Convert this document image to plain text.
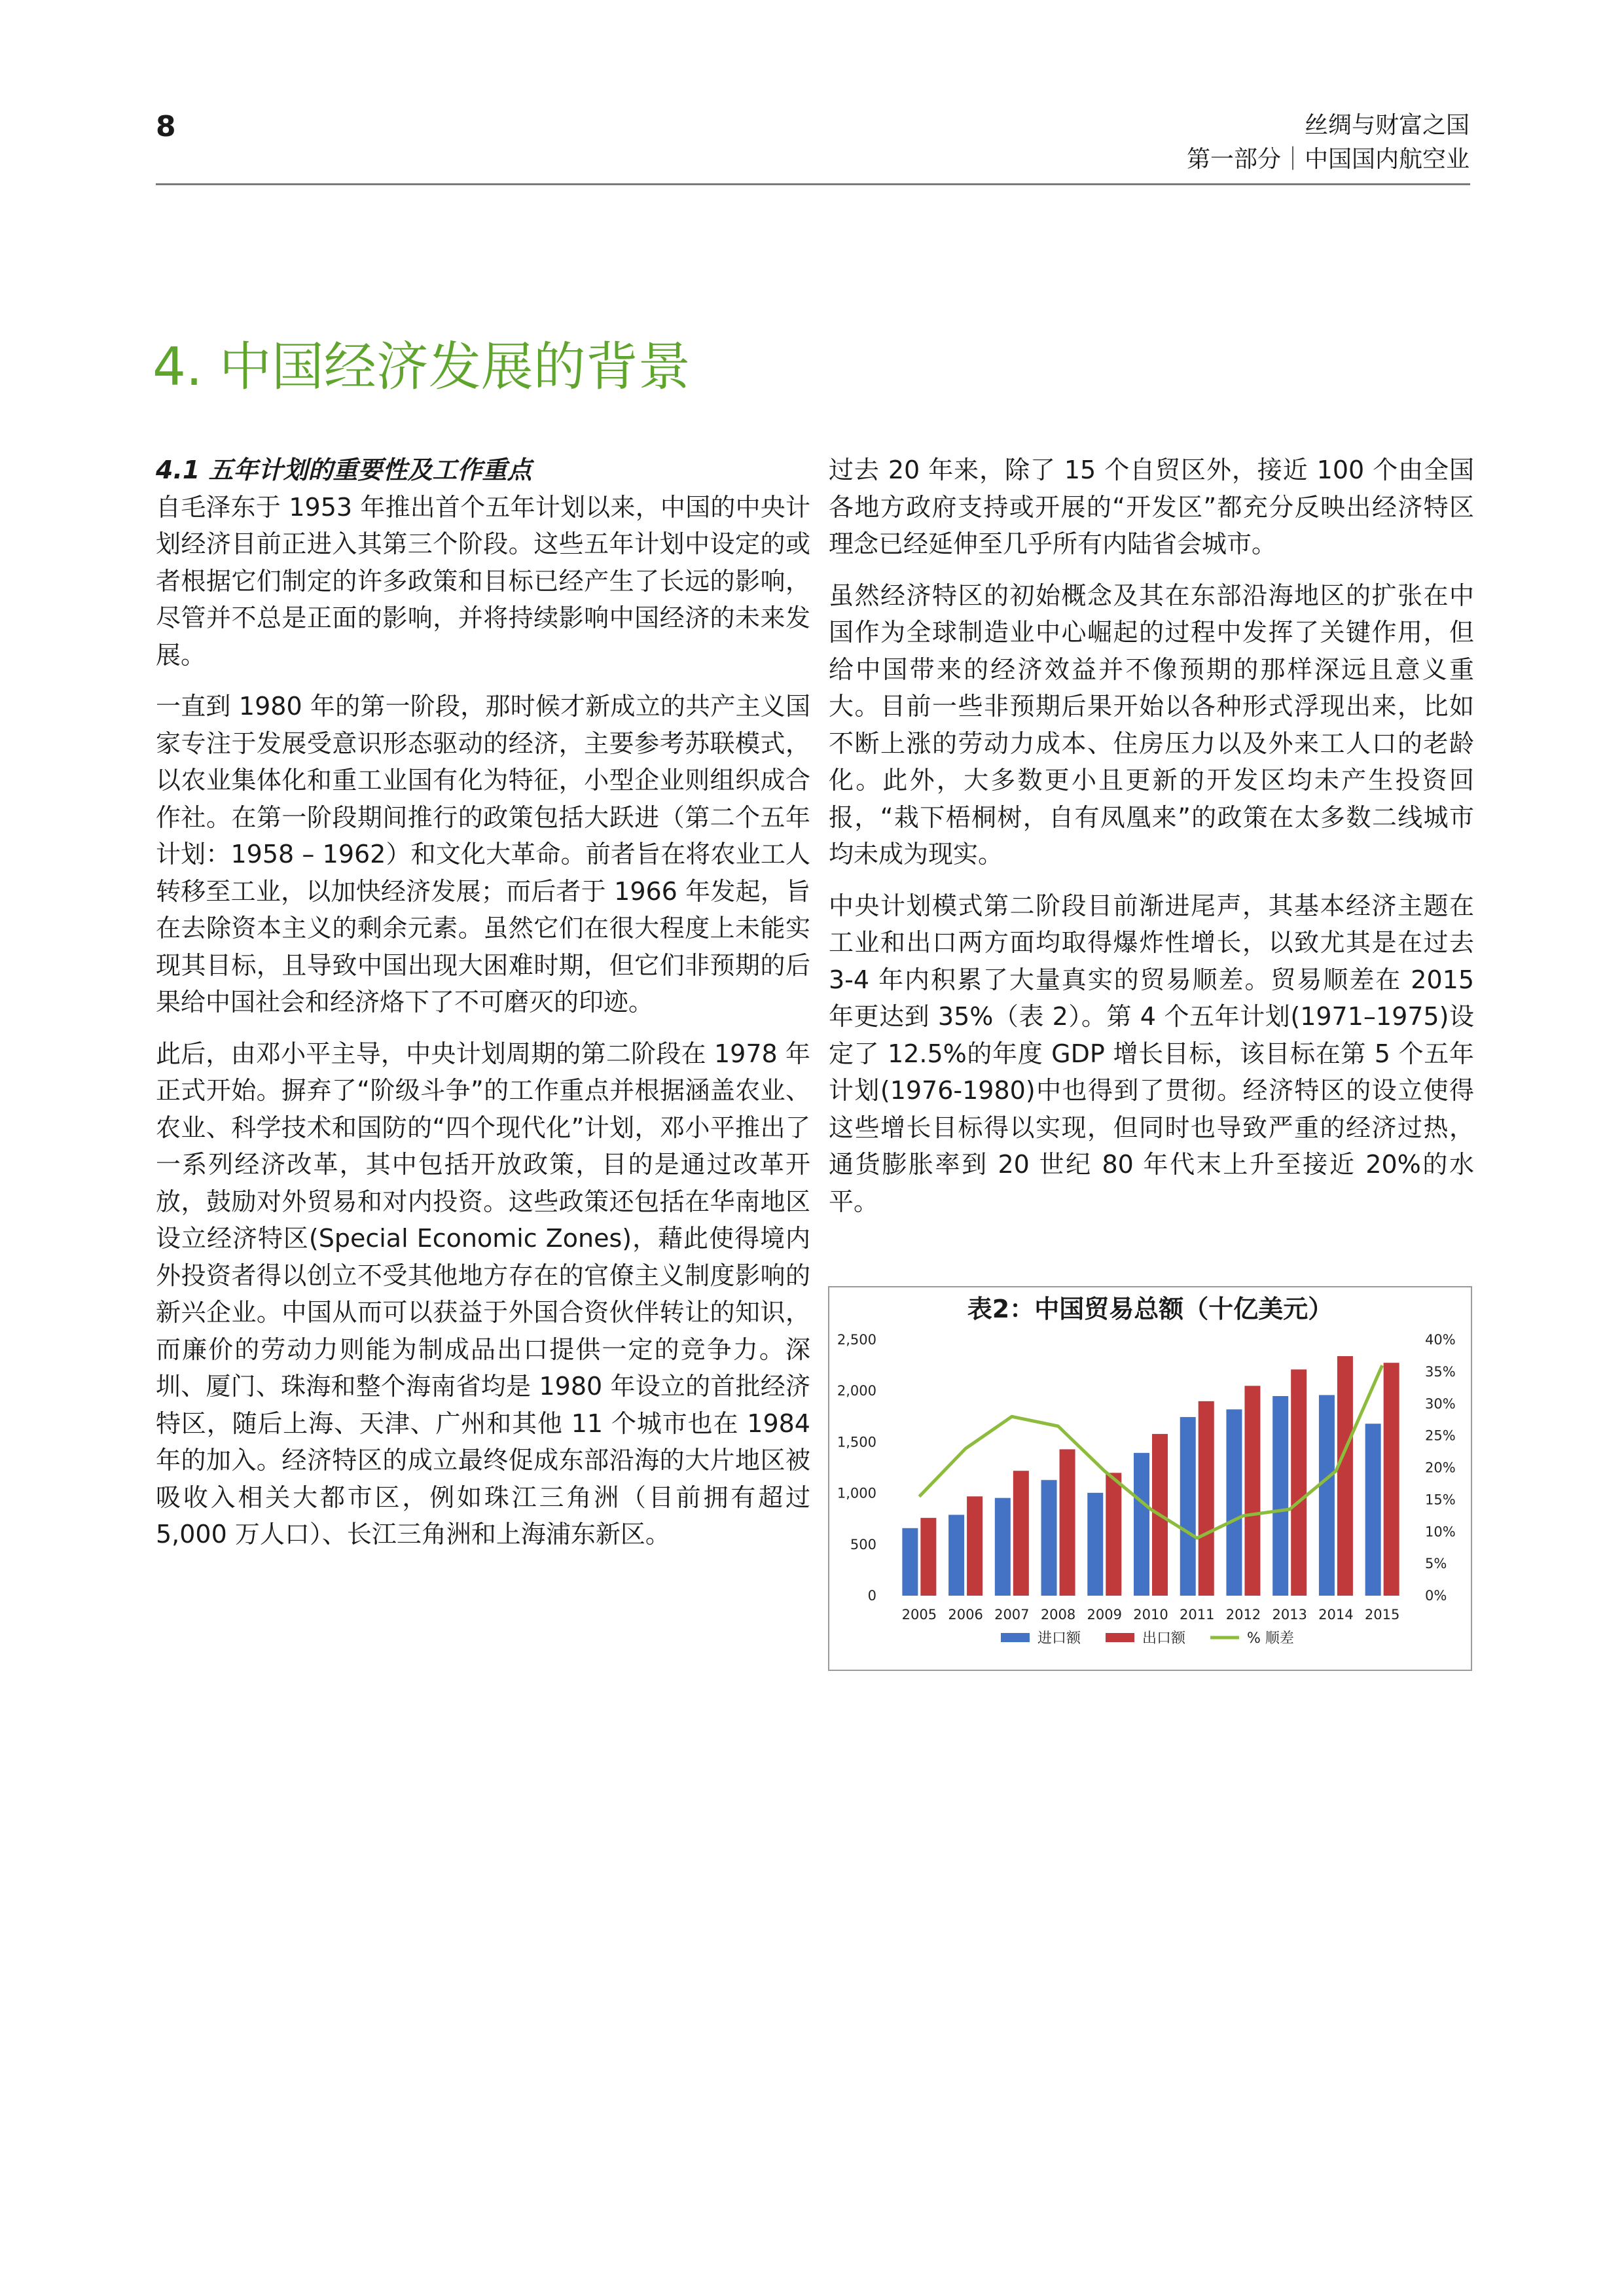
8	丝绸与财富之国
第一部分｜中国国内航空业
4. 中国经济发展的背景
4.1 五年计划的重要性及工作重点

自毛泽东于 1953 年推出首个五年计划以来，中国的中央计划经济目前正进入其第三个阶段。这些五年计划中设定的或者根据它们制定的许多政策和目标已经产生了长远的影响，尽管并不总是正面的影响，并将持续影响中国经济的未来发展。

一直到 1980 年的第一阶段，那时候才新成立的共产主义国家专注于发展受意识形态驱动的经济，主要参考苏联模式，以农业集体化和重工业国有化为特征，小型企业则组织成合作社。在第一阶段期间推行的政策包括大跃进（第二个五年计划：1958 – 1962）和文化大革命。前者旨在将农业工人转移至工业，以加快经济发展；而后者于 1966 年发起，旨在去除资本主义的剩余元素。虽然它们在很大程度上未能实现其目标，且导致中国出现大困难时期，但它们非预期的后果给中国社会和经济烙下了不可磨灭的印迹。

此后，由邓小平主导，中央计划周期的第二阶段在 1978 年正式开始。摒弃了“阶级斗争”的工作重点并根据涵盖农业、农业、科学技术和国防的“四个现代化”计划，邓小平推出了一系列经济改革，其中包括开放政策，目的是通过改革开放，鼓励对外贸易和对内投资。这些政策还包括在华南地区设立经济特区(Special Economic Zones)，藉此使得境内外投资者得以创立不受其他地方存在的官僚主义制度影响的新兴企业。中国从而可以获益于外国合资伙伴转让的知识，而廉价的劳动力则能为制成品出口提供一定的竞争力。深圳、厦门、珠海和整个海南省均是 1980 年设立的首批经济特区，随后上海、天津、广州和其他 11 个城市也在 1984 年的加入。经济特区的成立最终促成东部沿海的大片地区被吸收入相关大都市区，例如珠江三角洲（目前拥有超过 5,000 万人口）、长江三角洲和上海浦东新区。

过去 20 年来，除了 15 个自贸区外，接近 100 个由全国各地方政府支持或开展的“开发区”都充分反映出经济特区理念已经延伸至几乎所有内陆省会城市。

虽然经济特区的初始概念及其在东部沿海地区的扩张在中国作为全球制造业中心崛起的过程中发挥了关键作用，但给中国带来的经济效益并不像预期的那样深远且意义重大。目前一些非预期后果开始以各种形式浮现出来，比如不断上涨的劳动力成本、住房压力以及外来工人口的老龄化。此外，大多数更小且更新的开发区均未产生投资回报，“栽下梧桐树，自有凤凰来”的政策在太多数二线城市均未成为现实。

中央计划模式第二阶段目前渐进尾声，其基本经济主题在工业和出口两方面均取得爆炸性增长，以致尤其是在过去 3-4 年内积累了大量真实的贸易顺差。贸易顺差在 2015 年更达到 35%（表 2）。第 4 个五年计划(1971–1975)设定了 12.5%的年度 GDP 增长目标，该目标在第 5 个五年计划(1976-1980)中也得到了贯彻。经济特区的设立使得这些增长目标得以实现，但同时也导致严重的经济过热，通货膨胀率到 20 世纪 80 年代末上升至接近 20%的水平。

表2：中国贸易总额（十亿美元）
0
500
1,000
1,500
2,000
2,500
0%
5%
10%
15%
20%
25%
30%
35%
40%
2005 2006 2007 2008 2009 2010 2011 2012 2013 2014 2015
进口额	出口额	% 顺差
